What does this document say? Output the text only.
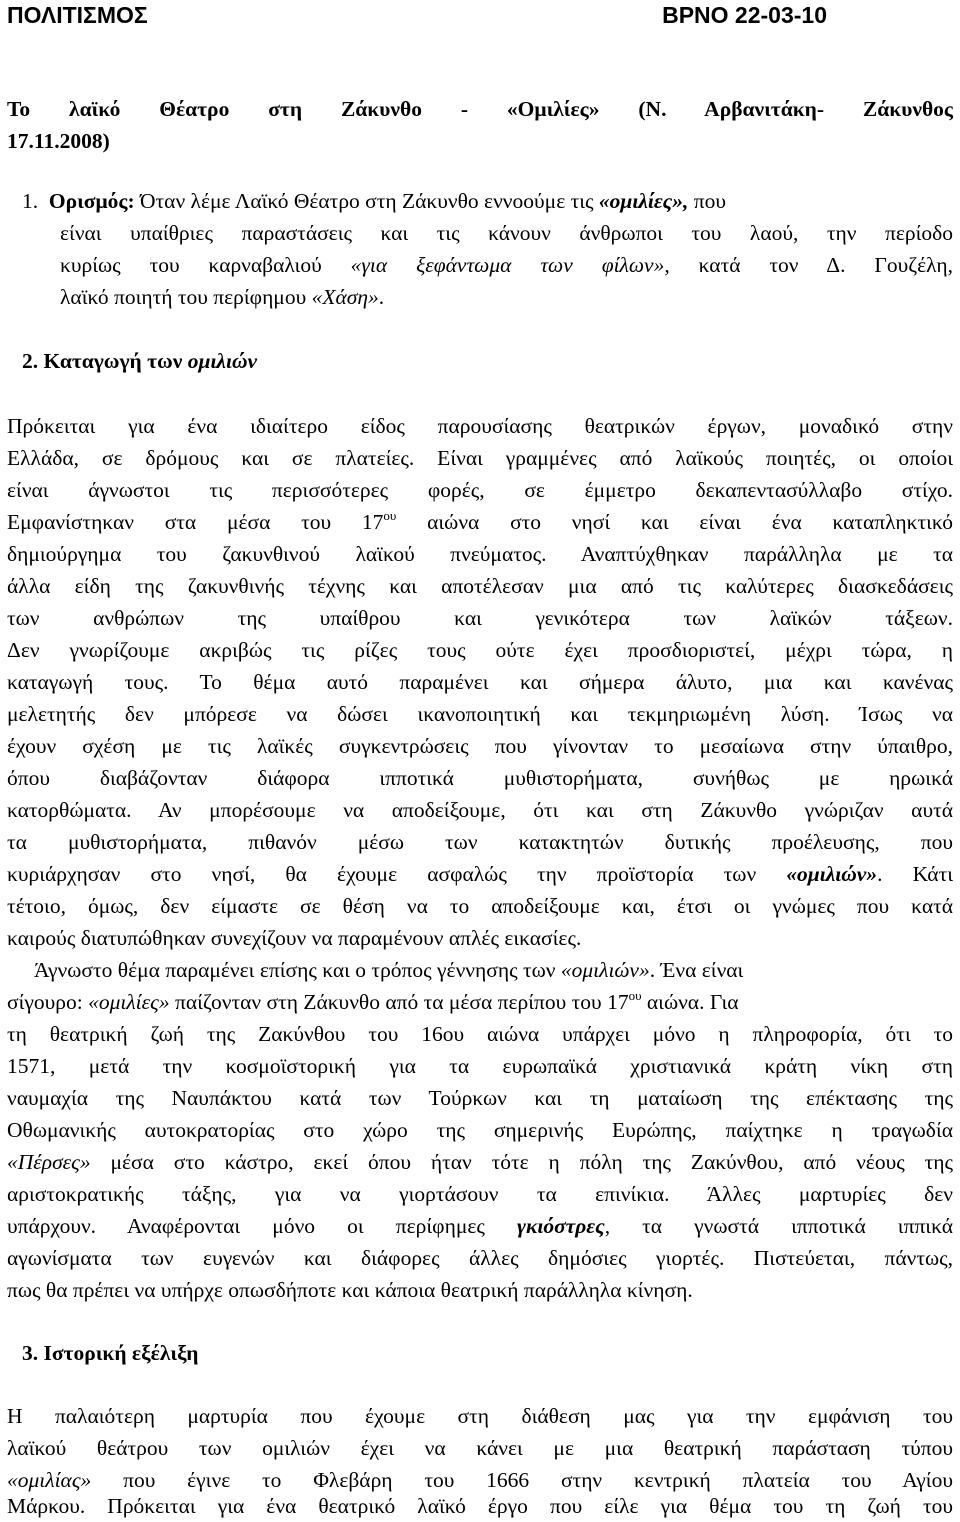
ΠΟΛΙΤΙΣΜΟΣ	ΒΡΝΟ 22-03-10
Το λαϊκό Θέατρο στη Ζάκυνθο - «Ομιλίες» (Ν. Αρβανιτάκη- Ζάκυνθος
17.11.2008)
1. Ορισμός: Όταν λέμε Λαϊκό Θέατρο στη Ζάκυνθο εννοούμε τις «ομιλίες», που
είναι υπαίθριες παραστάσεις και τις κάνουν άνθρωποι του λαού, την περίοδο
κυρίως του καρναβαλιού «για ξεφάντωμα των φίλων», κατά τον Δ. Γουζέλη,
λαϊκό ποιητή του περίφημου «Χάση».
2. Καταγωγή των ομιλιών
Πρόκειται για ένα ιδιαίτερο είδος παρουσίασης θεατρικών έργων, μοναδικό στην
Ελλάδα, σε δρόμους και σε πλατείες. Είναι γραμμένες από λαϊκούς ποιητές, οι οποίοι
είναι άγνωστοι τις περισσότερες φορές, σε έμμετρο δεκαπεντασύλλαβο στίχο.
Εμφανίστηκαν στα μέσα του $17^{o\upsilon}$ αιώνα στο νησί και είναι ένα καταπληκτικό
δημιούργημα του ζακυνθινού λαϊκού πνεύματος. Αναπτύχθηκαν παράλληλα με τα
άλλα είδη της ζακυνθινής τέχνης και αποτέλεσαν μια από τις καλύτερες διασκεδάσεις
των ανθρώπων της υπαίθρου και γενικότερα των λαϊκών τάξεων.
Δεν γνωρίζουμε ακριβώς τις ρίζες τους ούτε έχει προσδιοριστεί, μέχρι τώρα, η
καταγωγή τους. Το θέμα αυτό παραμένει και σήμερα άλυτο, μια και κανένας
μελετητής δεν μπόρεσε να δώσει ικανοποιητική και τεκμηριωμένη λύση. Ίσως να
έχουν σχέση με τις λαϊκές συγκεντρώσεις που γίνονταν το μεσαίωνα στην ύπαιθρο,
όπου διαβάζονταν διάφορα ιπποτικά μυθιστορήματα, συνήθως με ηρωικά
κατορθώματα. Αν μπορέσουμε να αποδείξουμε, ότι και στη Ζάκυνθο γνώριζαν αυτά
τα μυθιστορήματα, πιθανόν μέσω των κατακτητών δυτικής προέλευσης, που
κυριάρχησαν στο νησί, θα έχουμε ασφαλώς την προϊστορία των «ομιλιών». Κάτι
τέτοιο, όμως, δεν είμαστε σε θέση να το αποδείξουμε και, έτσι οι γνώμες που κατά
καιρούς διατυπώθηκαν συνεχίζουν να παραμένουν απλές εικασίες.
Άγνωστο θέμα παραμένει επίσης και ο τρόπος γέννησης των «ομιλιών». Ένα είναι
σίγουρο: «ομιλίες» παίζονταν στη Ζάκυνθο από τα μέσα περίπου του $17^{o\upsilon}$ αιώνα. Για
τη θεατρική ζωή της Ζακύνθου του 16ου αιώνα υπάρχει μόνο η πληροφορία, ότι το
1571, μετά την κοσμοϊστορική για τα ευρωπαϊκά χριστιανικά κράτη νίκη στη
ναυμαχία της Ναυπάκτου κατά των Τούρκων και τη ματαίωση της επέκτασης της
Οθωμανικής αυτοκρατορίας στο χώρο της σημερινής Ευρώπης, παίχτηκε η τραγωδία
«Πέρσες» μέσα στο κάστρο, εκεί όπου ήταν τότε η πόλη της Ζακύνθου, από νέους της
αριστοκρατικής τάξης, για να γιορτάσουν τα επινίκια. Άλλες μαρτυρίες δεν
υπάρχουν. Αναφέρονται μόνο οι περίφημες γκιόστρες, τα γνωστά ιπποτικά ιππικά
αγωνίσματα των ευγενών και διάφορες άλλες δημόσιες γιορτές. Πιστεύεται, πάντως,
πως θα πρέπει να υπήρχε οπωσδήποτε και κάποια θεατρική παράλληλα κίνηση.
3. Ιστορική εξέλιξη
Η παλαιότερη μαρτυρία που έχουμε στη διάθεση μας για την εμφάνιση του
λαϊκού θεάτρου των ομιλιών έχει να κάνει με μια θεατρική παράσταση τύπου
«ομιλίας» που έγινε το Φλεβάρη του 1666 στην κεντρική πλατεία του Αγίου
Μάρκου. Πρόκειται για ένα θεατρικό λαϊκό έργο που είλε για θέμα του τη ζωή του
